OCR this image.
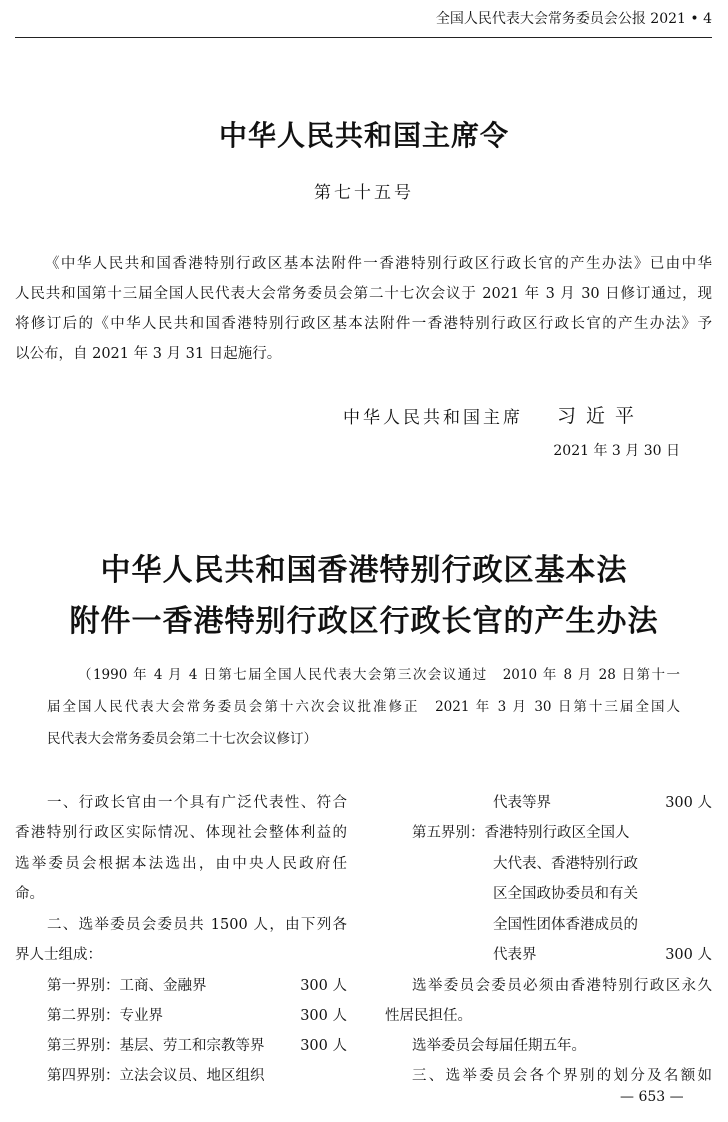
全国人民代表大会常务委员会公报 2021 • 4
中华人民共和国主席令
第七十五号
《中华人民共和国香港特别行政区基本法附件一香港特别行政区行政长官的产生办法》已由中华
人民共和国第十三届全国人民代表大会常务委员会第二十七次会议于 2021 年 3 月 30 日修订通过，现
将修订后的《中华人民共和国香港特别行政区基本法附件一香港特别行政区行政长官的产生办法》予
以公布，自 2021 年 3 月 31 日起施行。
中华人民共和国主席 习近平
2021 年 3 月 30 日
中华人民共和国香港特别行政区基本法
附件一香港特别行政区行政长官的产生办法
（1990 年 4 月 4 日第七届全国人民代表大会第三次会议通过　2010 年 8 月 28 日第十一
届全国人民代表大会常务委员会第十六次会议批准修正　2021 年 3 月 30 日第十三届全国人
民代表大会常务委员会第二十七次会议修订）
一、行政长官由一个具有广泛代表性、符合
香港特别行政区实际情况、体现社会整体利益的
选举委员会根据本法选出，由中央人民政府任
命。
二、选举委员会委员共 1500 人，由下列各
界人士组成：
第一界别：工商、金融界	300 人
第二界别：专业界	300 人
第三界别：基层、劳工和宗教等界 300 人
第四界别：立法会议员、地区组织
代表等界	300 人
第五界别：香港特别行政区全国人
大代表、香港特别行政
区全国政协委员和有关
全国性团体香港成员的
代表界	300 人
选举委员会委员必须由香港特别行政区永久
性居民担任。
选举委员会每届任期五年。
三、选举委员会各个界别的划分及名额如
— 653 —
